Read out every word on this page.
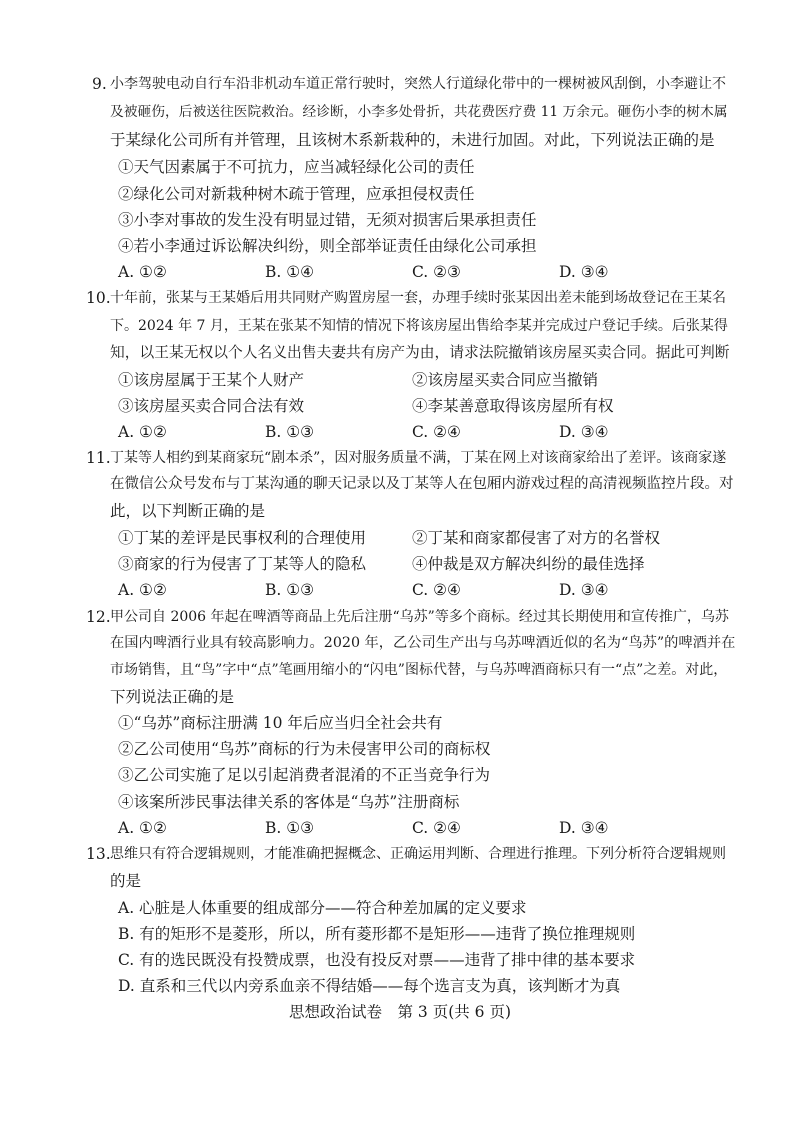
9. 小李驾驶电动自行车沿非机动车道正常行驶时，突然人行道绿化带中的一棵树被风刮倒，小李避让不
及被砸伤，后被送往医院救治。经诊断，小李多处骨折，共花费医疗费 11 万余元。砸伤小李的树木属
于某绿化公司所有并管理，且该树木系新栽种的，未进行加固。对此，下列说法正确的是
①天气因素属于不可抗力，应当减轻绿化公司的责任
②绿化公司对新栽种树木疏于管理，应承担侵权责任
③小李对事故的发生没有明显过错，无须对损害后果承担责任
④若小李通过诉讼解决纠纷，则全部举证责任由绿化公司承担
A. ①②	B. ①④	C. ②③	D. ③④
10. 十年前，张某与王某婚后用共同财产购置房屋一套，办理手续时张某因出差未能到场故登记在王某名
下。2024 年 7 月，王某在张某不知情的情况下将该房屋出售给李某并完成过户登记手续。后张某得
知，以王某无权以个人名义出售夫妻共有房产为由，请求法院撤销该房屋买卖合同。据此可判断
①该房屋属于王某个人财产	②该房屋买卖合同应当撤销
③该房屋买卖合同合法有效	④李某善意取得该房屋所有权
A. ①②	B. ①③	C. ②④	D. ③④
11. 丁某等人相约到某商家玩“剧本杀”，因对服务质量不满，丁某在网上对该商家给出了差评。该商家遂
在微信公众号发布与丁某沟通的聊天记录以及丁某等人在包厢内游戏过程的高清视频监控片段。对
此，以下判断正确的是
①丁某的差评是民事权利的合理使用	②丁某和商家都侵害了对方的名誉权
③商家的行为侵害了丁某等人的隐私	④仲裁是双方解决纠纷的最佳选择
A. ①②	B. ①③	C. ②④	D. ③④
12. 甲公司自 2006 年起在啤酒等商品上先后注册“乌苏”等多个商标。经过其长期使用和宣传推广，乌苏
在国内啤酒行业具有较高影响力。2020 年，乙公司生产出与乌苏啤酒近似的名为“鸟苏”的啤酒并在
市场销售，且“鸟”字中“点”笔画用缩小的“闪电”图标代替，与乌苏啤酒商标只有一“点”之差。对此，
下列说法正确的是
①“乌苏”商标注册满 10 年后应当归全社会共有
②乙公司使用“鸟苏”商标的行为未侵害甲公司的商标权
③乙公司实施了足以引起消费者混淆的不正当竞争行为
④该案所涉民事法律关系的客体是“乌苏”注册商标
A. ①②	B. ①③	C. ②④	D. ③④
13. 思维只有符合逻辑规则，才能准确把握概念、正确运用判断、合理进行推理。下列分析符合逻辑规则
的是
A. 心脏是人体重要的组成部分——符合种差加属的定义要求
B. 有的矩形不是菱形，所以，所有菱形都不是矩形——违背了换位推理规则
C. 有的选民既没有投赞成票，也没有投反对票——违背了排中律的基本要求
D. 直系和三代以内旁系血亲不得结婚——每个选言支为真，该判断才为真
思想政治试卷　第 3 页(共 6 页)
